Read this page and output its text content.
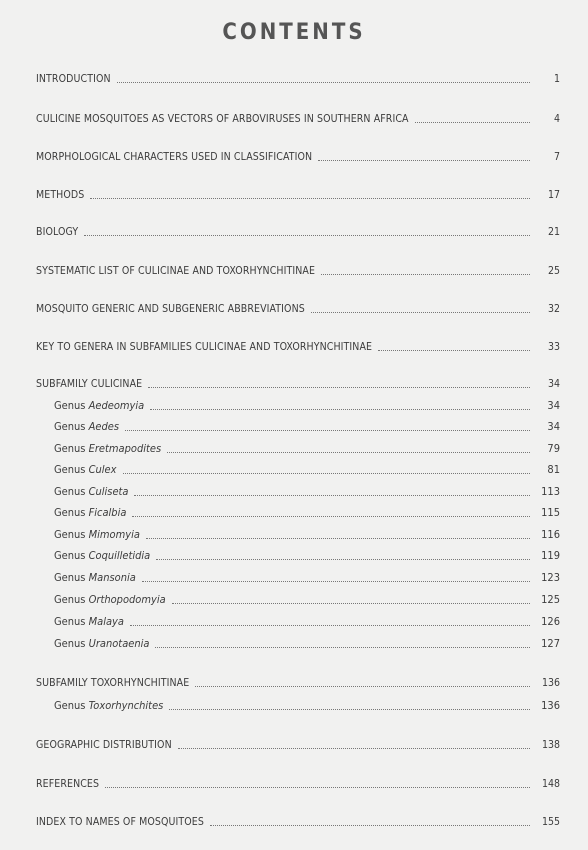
CONTENTS
INTRODUCTION	1
CULICINE MOSQUITOES AS VECTORS OF ARBOVIRUSES IN SOUTHERN AFRICA	4
MORPHOLOGICAL CHARACTERS USED IN CLASSIFICATION	7
METHODS	17
BIOLOGY	21
SYSTEMATIC LIST OF CULICINAE AND TOXORHYNCHITINAE	25
MOSQUITO GENERIC AND SUBGENERIC ABBREVIATIONS	32
KEY TO GENERA IN SUBFAMILIES CULICINAE AND TOXORHYNCHITINAE	33
SUBFAMILY CULICINAE	34
Genus Aedeomyia	34
Genus Aedes	34
Genus Eretmapodites	79
Genus Culex	81
Genus Culiseta	113
Genus Ficalbia	115
Genus Mimomyia	116
Genus Coquilletidia	119
Genus Mansonia	123
Genus Orthopodomyia	125
Genus Malaya	126
Genus Uranotaenia	127
SUBFAMILY TOXORHYNCHITINAE	136
Genus Toxorhynchites	136
GEOGRAPHIC DISTRIBUTION	138
REFERENCES	148
INDEX TO NAMES OF MOSQUITOES	155
